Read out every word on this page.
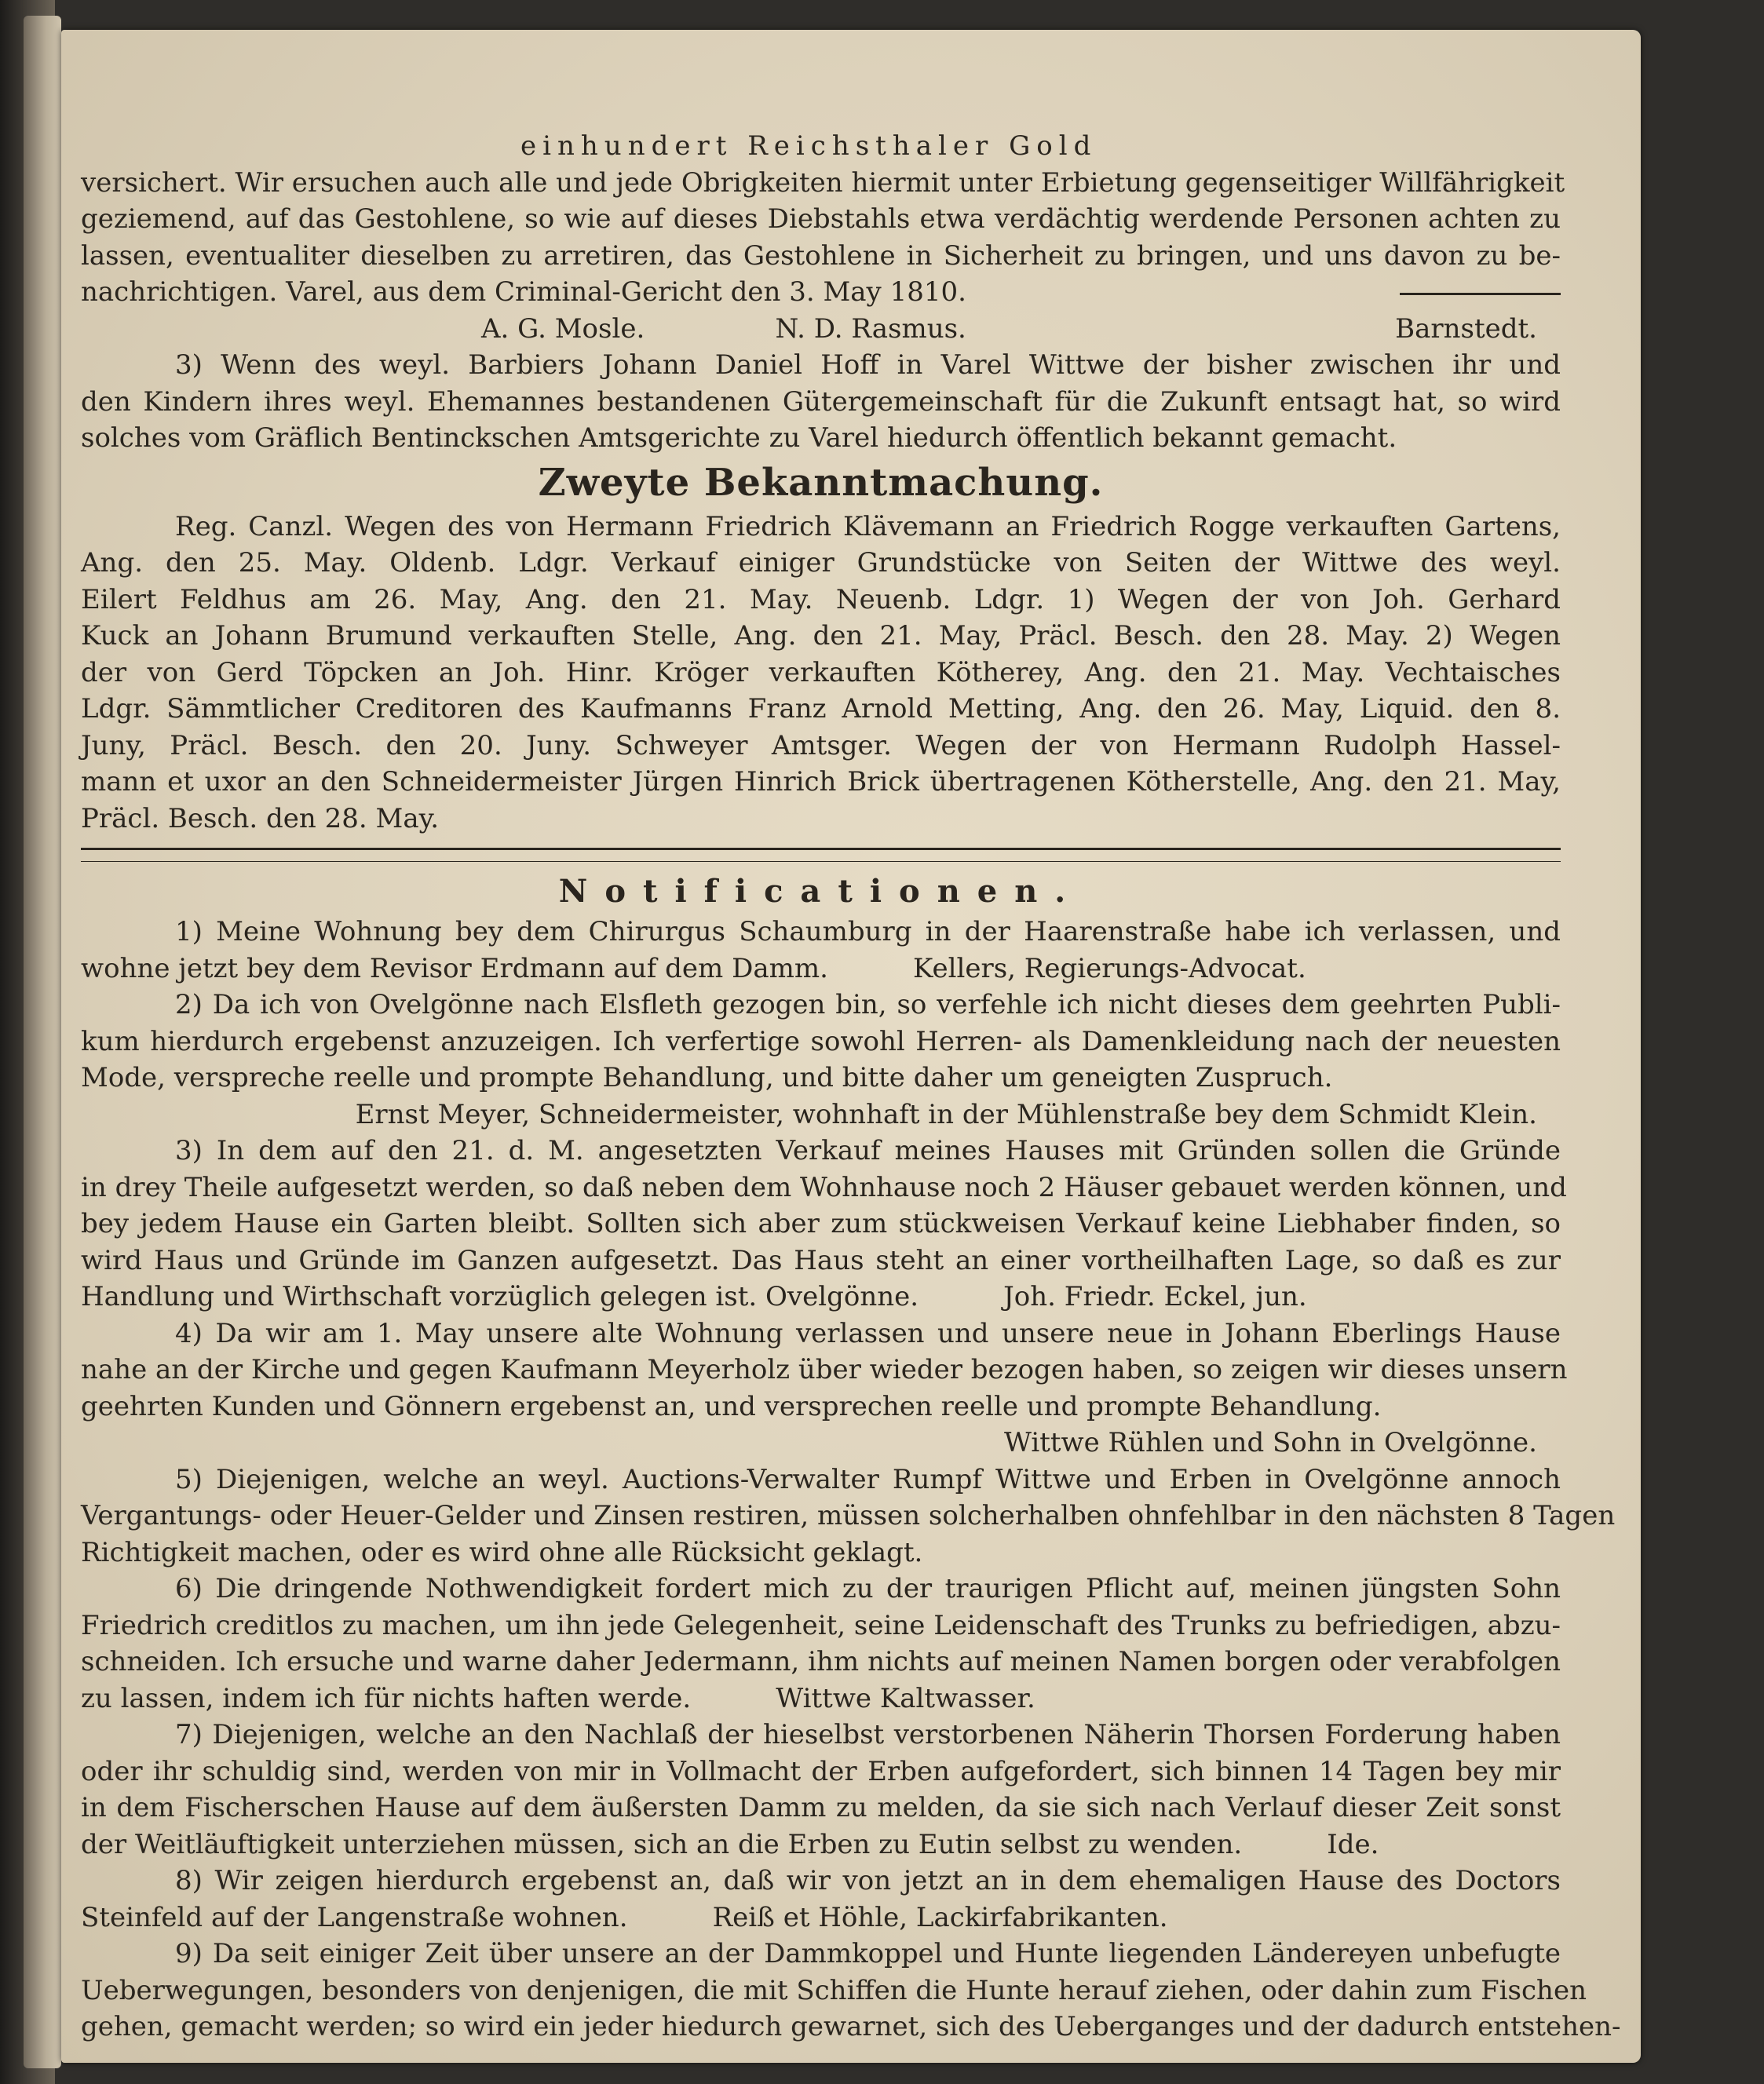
einhundert Reichsthaler Gold
versichert. Wir ersuchen auch alle und jede Obrigkeiten hiermit unter Erbietung gegenseitiger Willfährigkeit
geziemend, auf das Gestohlene, so wie auf dieses Diebstahls etwa verdächtig werdende Personen achten zu
lassen, eventualiter dieselben zu arretiren, das Gestohlene in Sicherheit zu bringen, und uns davon zu be-
nachrichtigen. Varel, aus dem Criminal-Gericht den 3. May 1810.
A. G. Mosle.	N. D. Rasmus.	Barnstedt.
3) Wenn des weyl. Barbiers Johann Daniel Hoff in Varel Wittwe der bisher zwischen ihr und
den Kindern ihres weyl. Ehemannes bestandenen Gütergemeinschaft für die Zukunft entsagt hat, so wird
solches vom Gräflich Bentinckschen Amtsgerichte zu Varel hiedurch öffentlich bekannt gemacht.
Zweyte Bekanntmachung.
Reg. Canzl. Wegen des von Hermann Friedrich Klävemann an Friedrich Rogge verkauften Gartens,
Ang. den 25. May. Oldenb. Ldgr. Verkauf einiger Grundstücke von Seiten der Wittwe des weyl.
Eilert Feldhus am 26. May, Ang. den 21. May. Neuenb. Ldgr. 1) Wegen der von Joh. Gerhard
Kuck an Johann Brumund verkauften Stelle, Ang. den 21. May, Präcl. Besch. den 28. May. 2) Wegen
der von Gerd Töpcken an Joh. Hinr. Kröger verkauften Kötherey, Ang. den 21. May. Vechtaisches
Ldgr. Sämmtlicher Creditoren des Kaufmanns Franz Arnold Metting, Ang. den 26. May, Liquid. den 8.
Juny, Präcl. Besch. den 20. Juny. Schweyer Amtsger. Wegen der von Hermann Rudolph Hassel-
mann et uxor an den Schneidermeister Jürgen Hinrich Brick übertragenen Kötherstelle, Ang. den 21. May,
Präcl. Besch. den 28. May.
Notificationen.
1) Meine Wohnung bey dem Chirurgus Schaumburg in der Haarenstraße habe ich verlassen, und
wohne jetzt bey dem Revisor Erdmann auf dem Damm.          Kellers, Regierungs-Advocat.
2) Da ich von Ovelgönne nach Elsfleth gezogen bin, so verfehle ich nicht dieses dem geehrten Publi-
kum hierdurch ergebenst anzuzeigen. Ich verfertige sowohl Herren- als Damenkleidung nach der neuesten
Mode, verspreche reelle und prompte Behandlung, und bitte daher um geneigten Zuspruch.
Ernst Meyer, Schneidermeister, wohnhaft in der Mühlenstraße bey dem Schmidt Klein.
3) In dem auf den 21. d. M. angesetzten Verkauf meines Hauses mit Gründen sollen die Gründe
in drey Theile aufgesetzt werden, so daß neben dem Wohnhause noch 2 Häuser gebauet werden können, und
bey jedem Hause ein Garten bleibt. Sollten sich aber zum stückweisen Verkauf keine Liebhaber finden, so
wird Haus und Gründe im Ganzen aufgesetzt. Das Haus steht an einer vortheilhaften Lage, so daß es zur
Handlung und Wirthschaft vorzüglich gelegen ist. Ovelgönne.          Joh. Friedr. Eckel, jun.
4) Da wir am 1. May unsere alte Wohnung verlassen und unsere neue in Johann Eberlings Hause
nahe an der Kirche und gegen Kaufmann Meyerholz über wieder bezogen haben, so zeigen wir dieses unsern
geehrten Kunden und Gönnern ergebenst an, und versprechen reelle und prompte Behandlung.
Wittwe Rühlen und Sohn in Ovelgönne.
5) Diejenigen, welche an weyl. Auctions-Verwalter Rumpf Wittwe und Erben in Ovelgönne annoch
Vergantungs- oder Heuer-Gelder und Zinsen restiren, müssen solcherhalben ohnfehlbar in den nächsten 8 Tagen
Richtigkeit machen, oder es wird ohne alle Rücksicht geklagt.
6) Die dringende Nothwendigkeit fordert mich zu der traurigen Pflicht auf, meinen jüngsten Sohn
Friedrich creditlos zu machen, um ihn jede Gelegenheit, seine Leidenschaft des Trunks zu befriedigen, abzu-
schneiden. Ich ersuche und warne daher Jedermann, ihm nichts auf meinen Namen borgen oder verabfolgen
zu lassen, indem ich für nichts haften werde.          Wittwe Kaltwasser.
7) Diejenigen, welche an den Nachlaß der hieselbst verstorbenen Näherin Thorsen Forderung haben
oder ihr schuldig sind, werden von mir in Vollmacht der Erben aufgefordert, sich binnen 14 Tagen bey mir
in dem Fischerschen Hause auf dem äußersten Damm zu melden, da sie sich nach Verlauf dieser Zeit sonst
der Weitläuftigkeit unterziehen müssen, sich an die Erben zu Eutin selbst zu wenden.          Ide.
8) Wir zeigen hierdurch ergebenst an, daß wir von jetzt an in dem ehemaligen Hause des Doctors
Steinfeld auf der Langenstraße wohnen.          Reiß et Höhle, Lackirfabrikanten.
9) Da seit einiger Zeit über unsere an der Dammkoppel und Hunte liegenden Ländereyen unbefugte
Ueberwegungen, besonders von denjenigen, die mit Schiffen die Hunte herauf ziehen, oder dahin zum Fischen
gehen, gemacht werden; so wird ein jeder hiedurch gewarnet, sich des Ueberganges und der dadurch entstehen-
